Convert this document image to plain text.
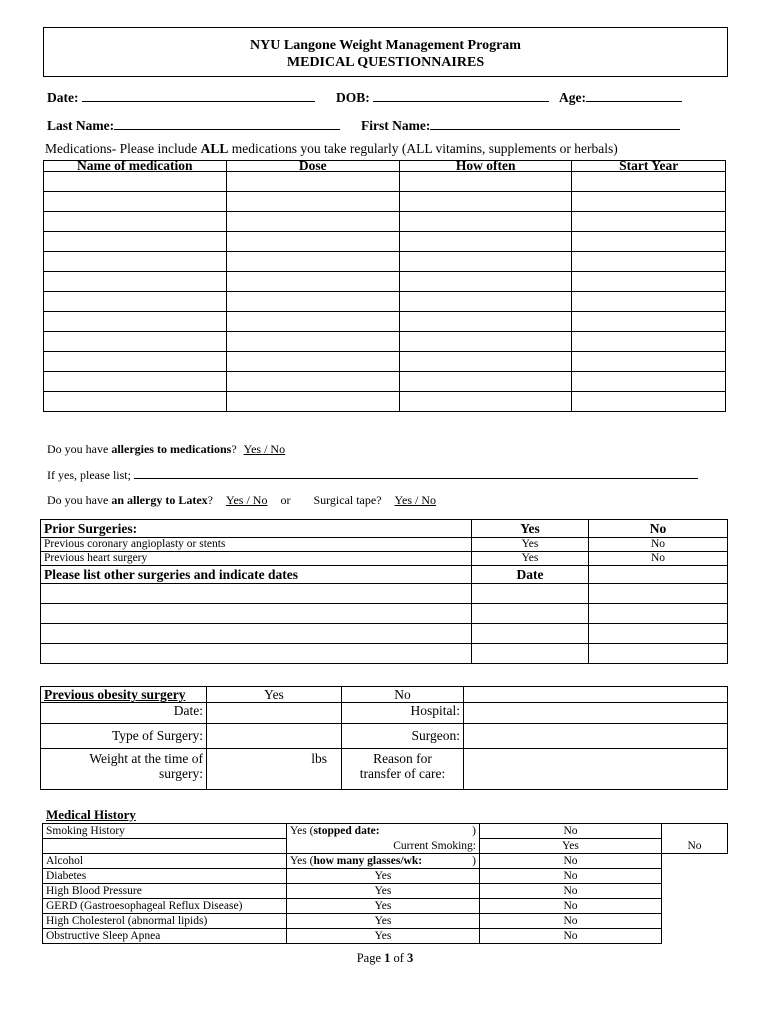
NYU Langone Weight Management Program
MEDICAL QUESTIONNAIRES
Date:	DOB:	Age:
Last Name:	First Name:
Medications- Please include ALL medications you take regularly (ALL vitamins, supplements or herbals)
Name of medication	Dose	How often	Start Year

Do you have allergies to medications? Yes / No
If yes, please list;
Do you have an allergy to Latex? Yes / No or Surgical tape? Yes / No
Prior Surgeries:	Yes	No
Previous coronary angioplasty or stents	Yes	No
Previous heart surgery	Yes	No
Please list other surgeries and indicate dates	Date	

Previous obesity surgery	Yes	No	
Date:		Hospital:	
Type of Surgery:		Surgeon:	
Weight at the time of
surgery:	lbs	Reason for
transfer of care:	
Medical History
Smoking History	Yes (stopped date: )	No	
	Current Smoking:	Yes	No
Alcohol	Yes (how many glasses/wk: )	No	
Diabetes	Yes	No	
High Blood Pressure	Yes	No	
GERD (Gastroesophageal Reflux Disease)	Yes	No	
High Cholesterol (abnormal lipids)	Yes	No	
Obstructive Sleep Apnea	Yes	No	
Page 1 of 3
